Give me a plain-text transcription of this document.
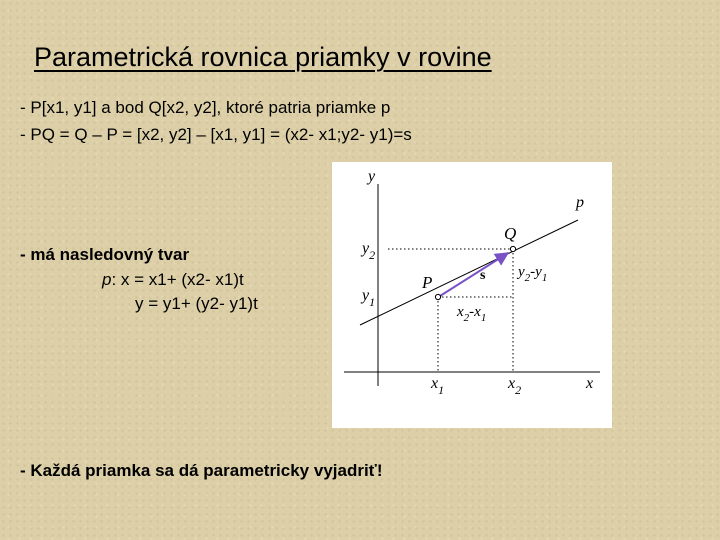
Parametrická rovnica priamky v rovine
- P[x1, y1] a bod Q[x2, y2], ktoré patria priamke p
- PQ = Q – P = [x2, y2] – [x1, y1] = (x2- x1;y2- y1)=s
- má nasledovný tvar
p: x = x1+ (x2- x1)t
y = y1+ (y2- y1)t
y
x
p
Q
P	s
$y_2$
$y_1$
$x_1$	$x_2$
$x_2-x_1$
$y_2-y_1$
- Každá priamka sa dá parametricky vyjadriť!
